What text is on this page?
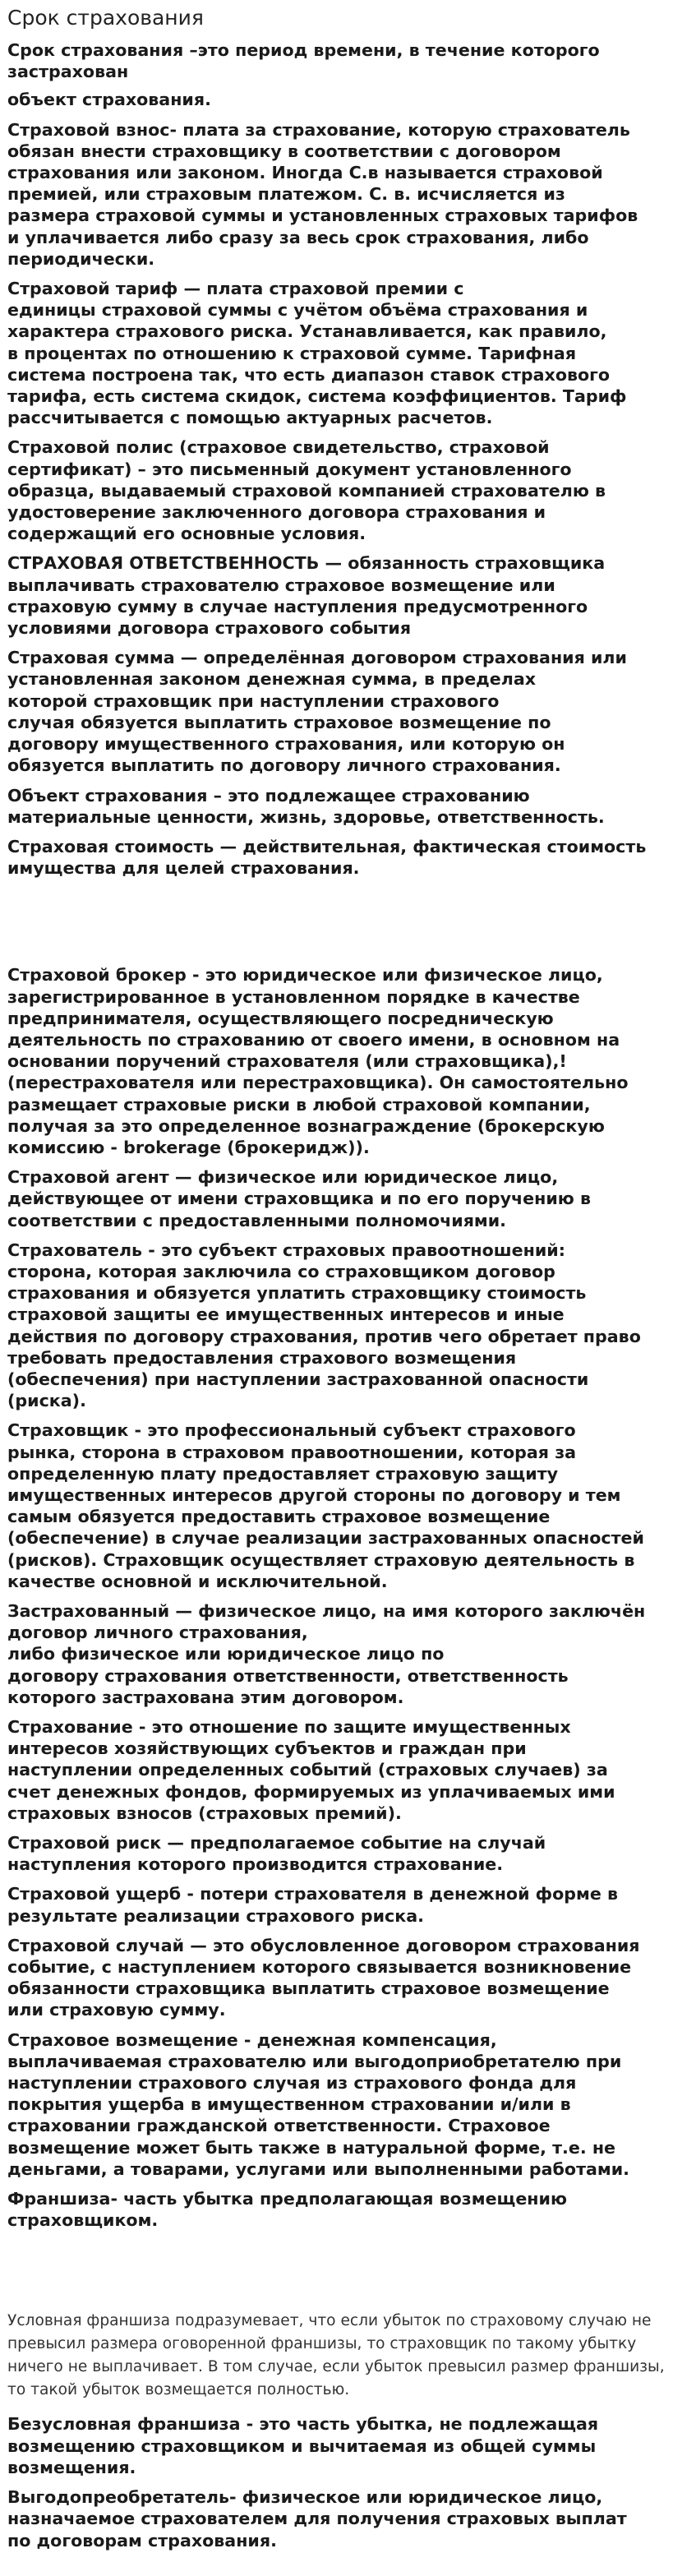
Срок страхования

Срок страхования –это период времени, в течение которого
застрахован

объект страхования.

Страховой взнос- плата за страхование, которую страхователь
обязан внести страховщику в соответствии с договором
страхования или законом. Иногда С.в называется страховой
премией, или страховым платежом. С. в. исчисляется из
размера страховой суммы и установленных страховых тарифов
и уплачивается либо сразу за весь срок страхования, либо
периодически.

Страховой тариф — плата страховой премии с
единицы страховой суммы с учётом объёма страхования и
характера страхового риска. Устанавливается, как правило,
в процентах по отношению к страховой сумме. Тарифная
система построена так, что есть диапазон ставок страхового
тарифа, есть система скидок, система коэффициентов. Тариф
рассчитывается с помощью актуарных расчетов.

Страховой полис (страховое свидетельство, страховой
сертификат) – это письменный документ установленного
образца, выдаваемый страховой компанией страхователю в
удостоверение заключенного договора страхования и
содержащий его основные условия.

СТРАХОВАЯ ОТВЕТСТВЕННОСТЬ — обязанность страховщика
выплачивать страхователю страховое возмещение или
страховую сумму в случае наступления предусмотренного
условиями договора страхового события

Страховая сумма — определённая договором страхования или
установленная законом денежная сумма, в пределах
которой страховщик при наступлении страхового
случая обязуется выплатить страховое возмещение по
договору имущественного страхования, или которую он
обязуется выплатить по договору личного страхования.

Объект страхования – это подлежащее страхованию
материальные ценности, жизнь, здоровье, ответственность.

Страховая стоимость — действительная, фактическая стоимость
имущества для целей страхования.

Страховой брокер - это юридическое или физическое лицо,
зарегистрированное в установленном порядке в качестве
предпринимателя, осуществляющего посредническую
деятельность по страхованию от своего имени, в основном на
основании поручений страхователя (или страховщика),!
(перестрахователя или перестраховщика). Он самостоятельно
размещает страховые риски в любой страховой компании,
получая за это определенное вознаграждение (брокерскую
комиссию - brokerage (брокеридж)).

Страховой агент — физическое или юридическое лицо,
действующее от имени страховщика и по его поручению в
соответствии с предоставленными полномочиями.

Страхователь - это субъект страховых правоотношений:
сторона, которая заключила со страховщиком договор
страхования и обязуется уплатить страховщику стоимость
страховой защиты ее имущественных интересов и иные
действия по договору страхования, против чего обретает право
требовать предоставления страхового возмещения
(обеспечения) при наступлении застрахованной опасности
(риска).

Страховщик - это профессиональный субъект страхового
рынка, сторона в страховом правоотношении, которая за
определенную плату предоставляет страховую защиту
имущественных интересов другой стороны по договору и тем
самым обязуется предоставить страховое возмещение
(обеспечение) в случае реализации застрахованных опасностей
(рисков). Страховщик осуществляет страховую деятельность в
качестве основной и исключительной.

Застрахованный — физическое лицо, на имя которого заключён
договор личного страхования,
либо физическое или юридическое лицо по
договору страхования ответственности, ответственность
которого застрахована этим договором.

Страхование - это отношение по защите имущественных
интересов хозяйствующих субъектов и граждан при
наступлении определенных событий (страховых случаев) за
счет денежных фондов, формируемых из уплачиваемых ими
страховых взносов (страховых премий).

Страховой риск — предполагаемое событие на случай
наступления которого производится страхование.

Страховой ущерб - потери страхователя в денежной форме в
результате реализации страхового риска.

Страховой случай — это обусловленное договором страхования
событие, с наступлением которого связывается возникновение
обязанности страховщика выплатить страховое возмещение
или страховую сумму.

Страховое возмещение - денежная компенсация,
выплачиваемая страхователю или выгодоприобретателю при
наступлении страхового случая из страхового фонда для
покрытия ущерба в имущественном страховании и/или в
страховании гражданской ответственности. Страховое
возмещение может быть также в натуральной форме, т.е. не
деньгами, а товарами, услугами или выполненными работами.

Франшиза- часть убытка предполагающая возмещению
страховщиком.

Условная франшиза подразумевает, что если убыток по страховому случаю не
превысил размера оговоренной франшизы, то страховщик по такому убытку
ничего не выплачивает. В том случае, если убыток превысил размер франшизы,
то такой убыток возмещается полностью.

Безусловная франшиза - это часть убытка, не подлежащая
возмещению страховщиком и вычитаемая из общей суммы
возмещения.

Выгодопреобретатель- физическое или юридическое лицо,
назначаемое страхователем для получения страховых выплат
по договорам страхования.
